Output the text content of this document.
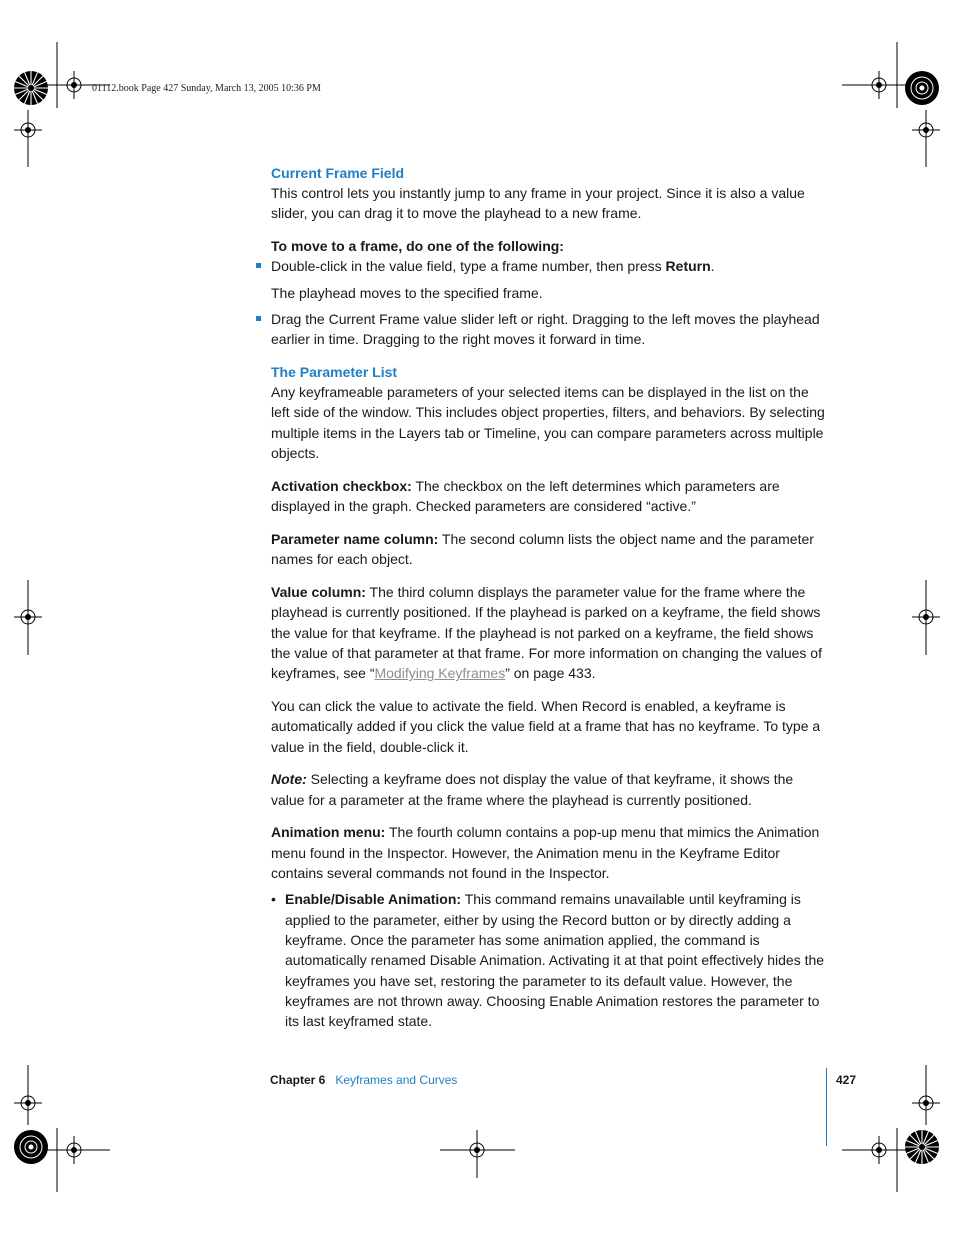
01112.book Page 427 Sunday, March 13, 2005 10:36 PM
Current Frame Field

This control lets you instantly jump to any frame in your project. Since it is also a value slider, you can drag it to move the playhead to a new frame.

To move to a frame, do one of the following:

Double-click in the value field, type a frame number, then press Return.

The playhead moves to the specified frame.

Drag the Current Frame value slider left or right. Dragging to the left moves the playhead earlier in time. Dragging to the right moves it forward in time.
The Parameter List

Any keyframeable parameters of your selected items can be displayed in the list on the left side of the window. This includes object properties, filters, and behaviors. By selecting multiple items in the Layers tab or Timeline, you can compare parameters across multiple objects.

Activation checkbox: The checkbox on the left determines which parameters are displayed in the graph. Checked parameters are considered “active.”

Parameter name column: The second column lists the object name and the parameter names for each object.

Value column: The third column displays the parameter value for the frame where the playhead is currently positioned. If the playhead is parked on a keyframe, the field shows the value for that keyframe. If the playhead is not parked on a keyframe, the field shows the value of that parameter at that frame. For more information on changing the values of keyframes, see “Modifying Keyframes” on page 433.

You can click the value to activate the field. When Record is enabled, a keyframe is automatically added if you click the value field at a frame that has no keyframe. To type a value in the field, double-click it.

Note: Selecting a keyframe does not display the value of that keyframe, it shows the value for a parameter at the frame where the playhead is currently positioned.

Animation menu: The fourth column contains a pop-up menu that mimics the Animation menu found in the Inspector. However, the Animation menu in the Keyframe Editor contains several commands not found in the Inspector.

• Enable/Disable Animation: This command remains unavailable until keyframing is applied to the parameter, either by using the Record button or by directly adding a keyframe. Once the parameter has some animation applied, the command is automatically renamed Disable Animation. Activating it at that point effectively hides the keyframes you have set, restoring the parameter to its default value. However, the keyframes are not thrown away. Choosing Enable Animation restores the parameter to its last keyframed state.
Chapter 6 Keyframes and Curves	427
